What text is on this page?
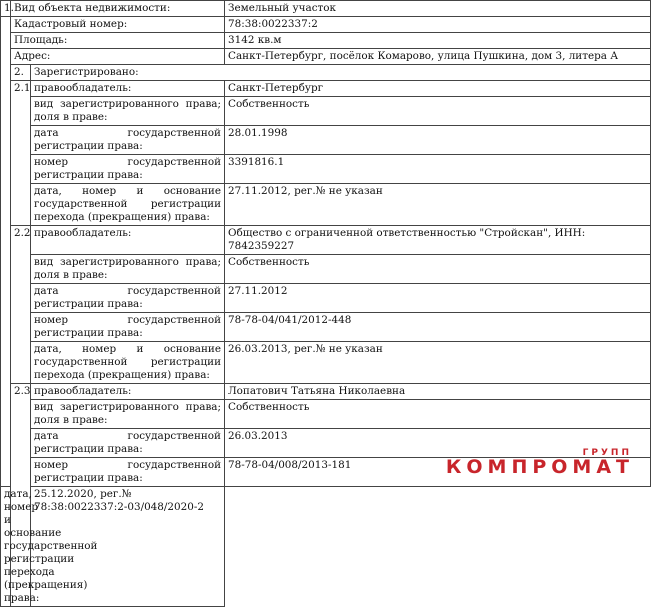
1.	Вид объекта недвижимости:		Земельный участок
	Кадастровый номер:		78:38:0022337:2
	Площадь:		3142 кв.м
	Адрес:		Санкт-Петербург, посёлок Комарово, улица Пушкина, дом 3, литера А
	2.	Зарегистрировано:	
	2.1	правообладатель:	Санкт-Петербург
		вид зарегистрированного права; доля в праве:	Собственность
		дата государственной регистрации права:	28.01.1998
		номер государственной регистрации права:	3391816.1
		дата, номер и основание государственной регистрации перехода (прекращения) права:	27.11.2012, рег.№ не указан
	2.2	правообладатель:	Общество с ограниченной ответственностью "Стройскан", ИНН: 7842359227
		вид зарегистрированного права; доля в праве:	Собственность
		дата государственной регистрации права:	27.11.2012
		номер государственной регистрации права:	78-78-04/041/2012-448
		дата, номер и основание государственной регистрации перехода (прекращения) права:	26.03.2013, рег.№ не указан
	2.3	правообладатель:	Лопатович Татьяна Николаевна
		вид зарегистрированного права; доля в праве:	Собственность
		дата государственной регистрации права:	26.03.2013
		номер государственной регистрации права:	78-78-04/008/2013-181
дата, номер и основание государственной регистрации перехода (прекращения) права:		25.12.2020, рег.№ 78:38:0022337:2-03/048/2020-2	
ГРУПП
КОМПРОМАТ
